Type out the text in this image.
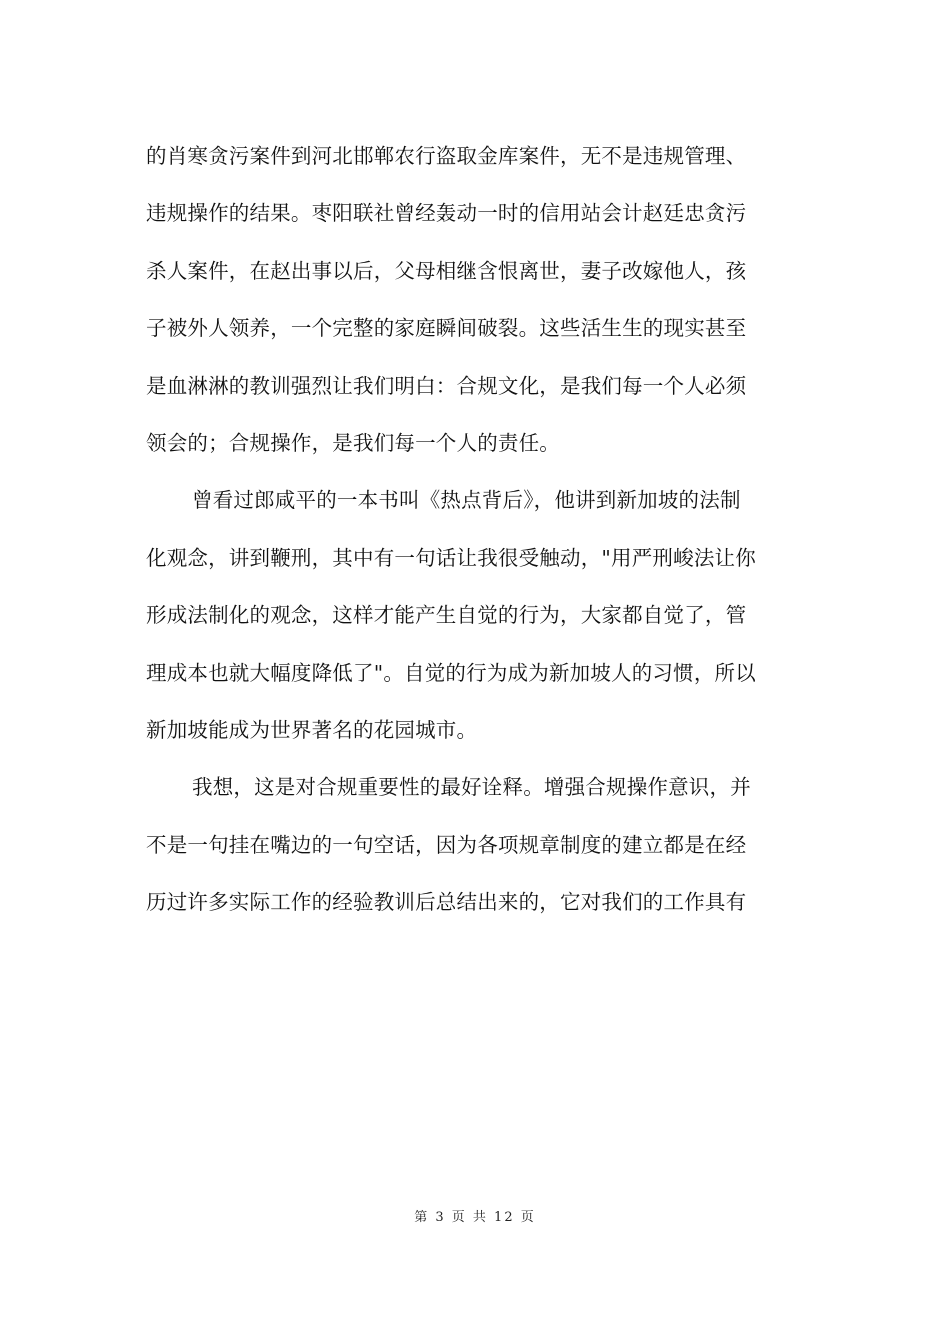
的肖寒贪污案件到河北邯郸农行盗取金库案件，无不是违规管理、
违规操作的结果。枣阳联社曾经轰动一时的信用站会计赵廷忠贪污
杀人案件，在赵出事以后，父母相继含恨离世，妻子改嫁他人，孩
子被外人领养，一个完整的家庭瞬间破裂。这些活生生的现实甚至
是血淋淋的教训强烈让我们明白：合规文化，是我们每一个人必须
领会的；合规操作，是我们每一个人的责任。
曾看过郎咸平的一本书叫《热点背后》，他讲到新加坡的法制
化观念，讲到鞭刑，其中有一句话让我很受触动，"用严刑峻法让你
形成法制化的观念，这样才能产生自觉的行为，大家都自觉了，管
理成本也就大幅度降低了"。自觉的行为成为新加坡人的习惯，所以
新加坡能成为世界著名的花园城市。
我想，这是对合规重要性的最好诠释。增强合规操作意识，并
不是一句挂在嘴边的一句空话，因为各项规章制度的建立都是在经
历过许多实际工作的经验教训后总结出来的，它对我们的工作具有
第 3 页 共 12 页
